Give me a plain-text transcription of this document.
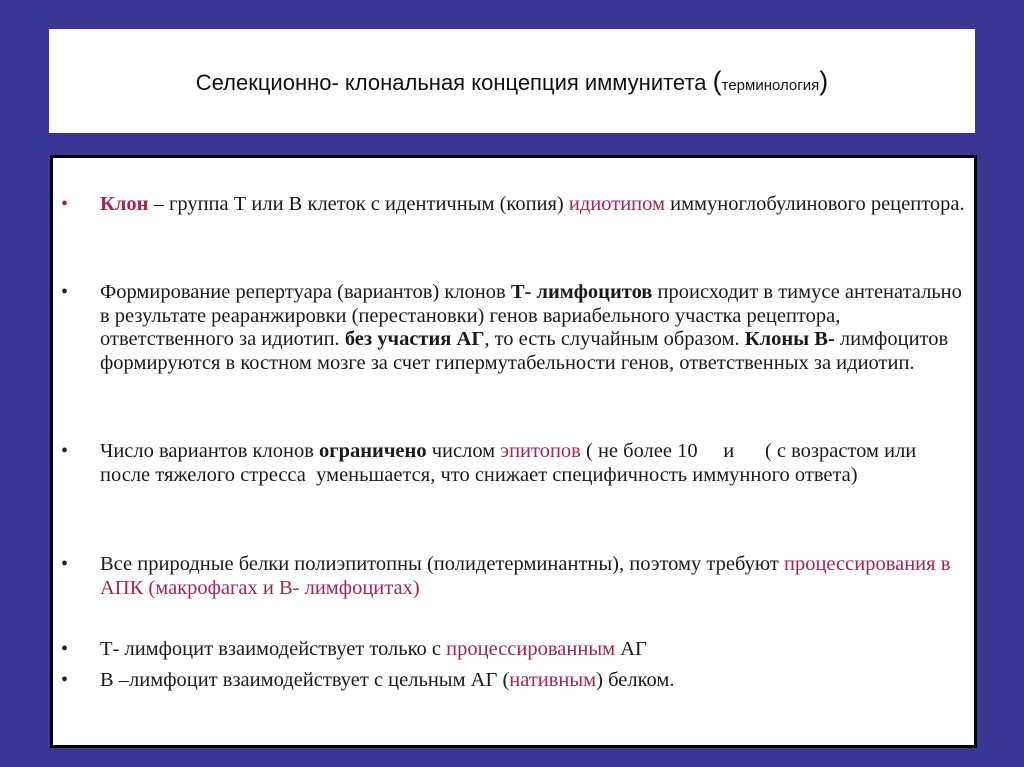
Селекционно- клональная концепция иммунитета (терминология)
• Клон – группа Т или В клеток с идентичным (копия) идиотипом иммуноглобулинового рецептора.
• Формирование репертуара (вариантов) клонов Т- лимфоцитов происходит в тимусе антенатально в результате реаранжировки (перестановки) генов вариабельного участка рецептора, ответственного за идиотип. без участия АГ, то есть случайным образом. Клоны В- лимфоцитов формируются в костном мозге за счет гипермутабельности генов, ответственных за идиотип.
• Число вариантов клонов ограничено числом эпитопов ( не более 10     и      ( с возрастом или после тяжелого стресса  уменьшается, что снижает специфичность иммунного ответа)
• Все природные белки полиэпитопны (полидетерминантны), поэтому требуют процессирования в АПК (макрофагах и В- лимфоцитах)
• Т- лимфоцит взаимодействует только с процессированным АГ
• В –лимфоцит взаимодействует с цельным АГ (нативным) белком.
